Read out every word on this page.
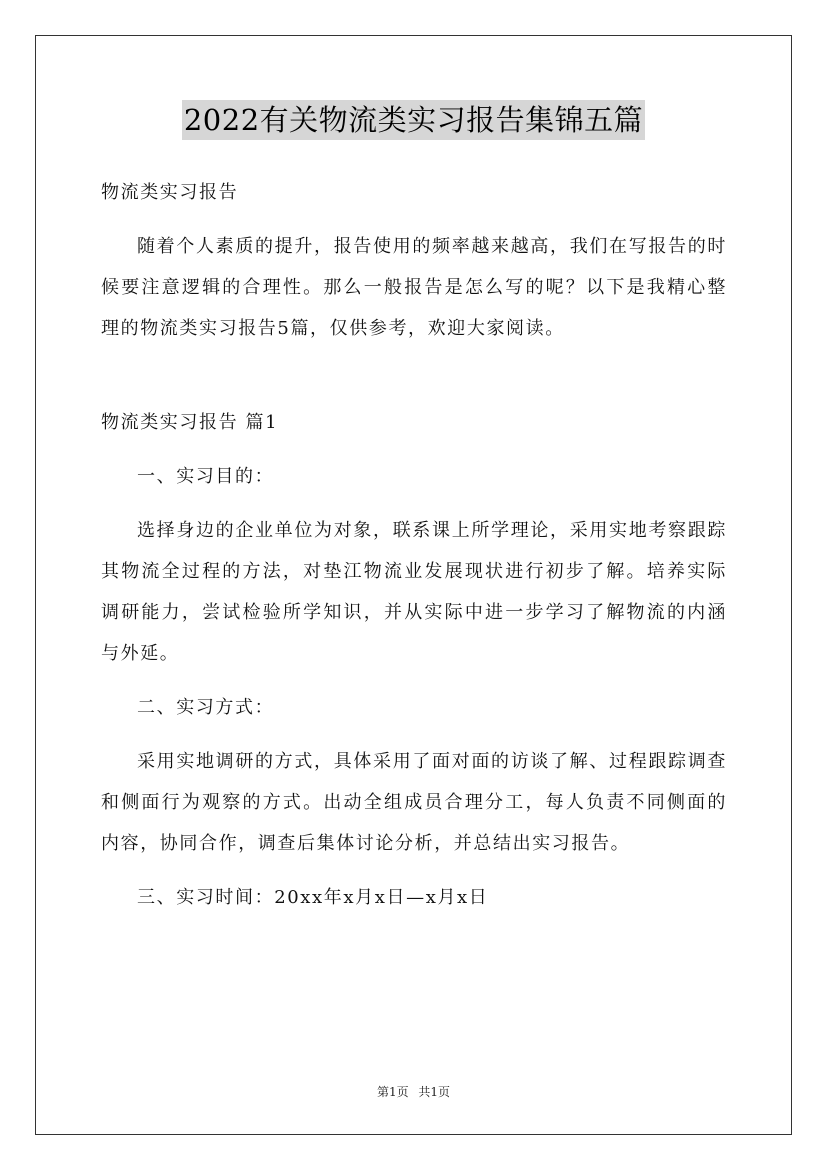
2022有关物流类实习报告集锦五篇

物流类实习报告

随着个人素质的提升，报告使用的频率越来越高，我们在写报告的时候要注意逻辑的合理性。那么一般报告是怎么写的呢？以下是我精心整理的物流类实习报告5篇，仅供参考，欢迎大家阅读。

物流类实习报告 篇1

一、实习目的：

选择身边的企业单位为对象，联系课上所学理论，采用实地考察跟踪其物流全过程的方法，对垫江物流业发展现状进行初步了解。培养实际调研能力，尝试检验所学知识，并从实际中进一步学习了解物流的内涵与外延。

二、实习方式：

采用实地调研的方式，具体采用了面对面的访谈了解、过程跟踪调查和侧面行为观察的方式。出动全组成员合理分工，每人负责不同侧面的内容，协同合作，调查后集体讨论分析，并总结出实习报告。

三、实习时间：20xx年x月x日—x月x日

第1页 共1页
